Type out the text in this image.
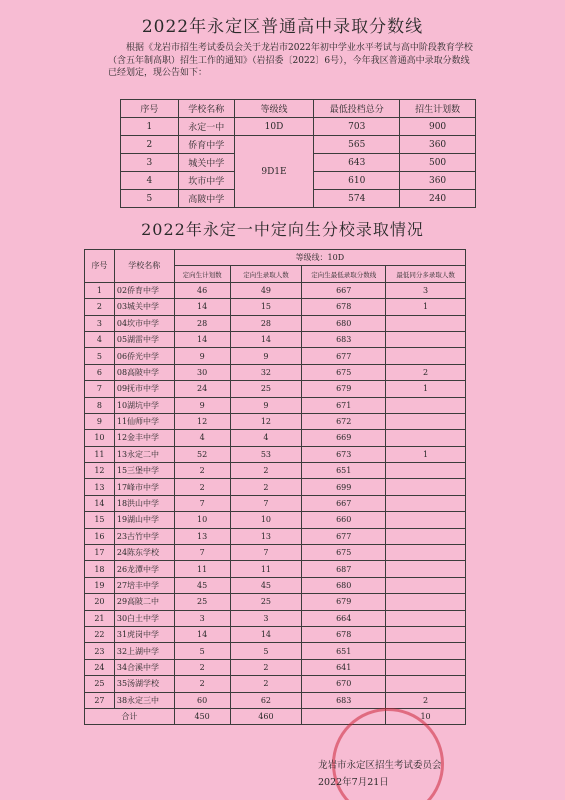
2022年永定区普通高中录取分数线
根据《龙岩市招生考试委员会关于龙岩市2022年初中学业水平考试与高中阶段教育学校（含五年制高职）招生工作的通知》（岩招委〔2022〕6号），今年我区普通高中录取分数线已经划定，现公告如下：
序号	学校名称	等级线	最低投档总分	招生计划数
1	永定一中	10D	703	900
2	侨育中学	9D1E	565	360
3	城关中学		643	500
4	坎市中学		610	360
5	高陂中学		574	240
2022年永定一中定向生分校录取情况
序号	学校名称	等级线：10D			
		定向生计划数	定向生录取人数	定向生最低录取分数线	最低同分多录取人数
1	02侨育中学	46	49	667	3
2	03城关中学	14	15	678	1
3	04坎市中学	28	28	680	
4	05湖雷中学	14	14	683	
5	06侨光中学	9	9	677	
6	08高陂中学	30	32	675	2
7	09抚市中学	24	25	679	1
8	10湖坑中学	9	9	671	
9	11仙师中学	12	12	672	
10	12金丰中学	4	4	669	
11	13永定二中	52	53	673	1
12	15三堡中学	2	2	651	
13	17峰市中学	2	2	699	
14	18洪山中学	7	7	667	
15	19湖山中学	10	10	660	
16	23古竹中学	13	13	677	
17	24陈东学校	7	7	675	
18	26龙潭中学	11	11	687	
19	27培丰中学	45	45	680	
20	29高陂二中	25	25	679	
21	30白土中学	3	3	664	
22	31虎岗中学	14	14	678	
23	32上湖中学	5	5	651	
24	34合溪中学	2	2	641	
25	35汤湖学校	2	2	670	
27	38永定三中	60	62	683	2
合计		450	460		10
龙岩市永定区招生考试委员会
2022年7月21日
